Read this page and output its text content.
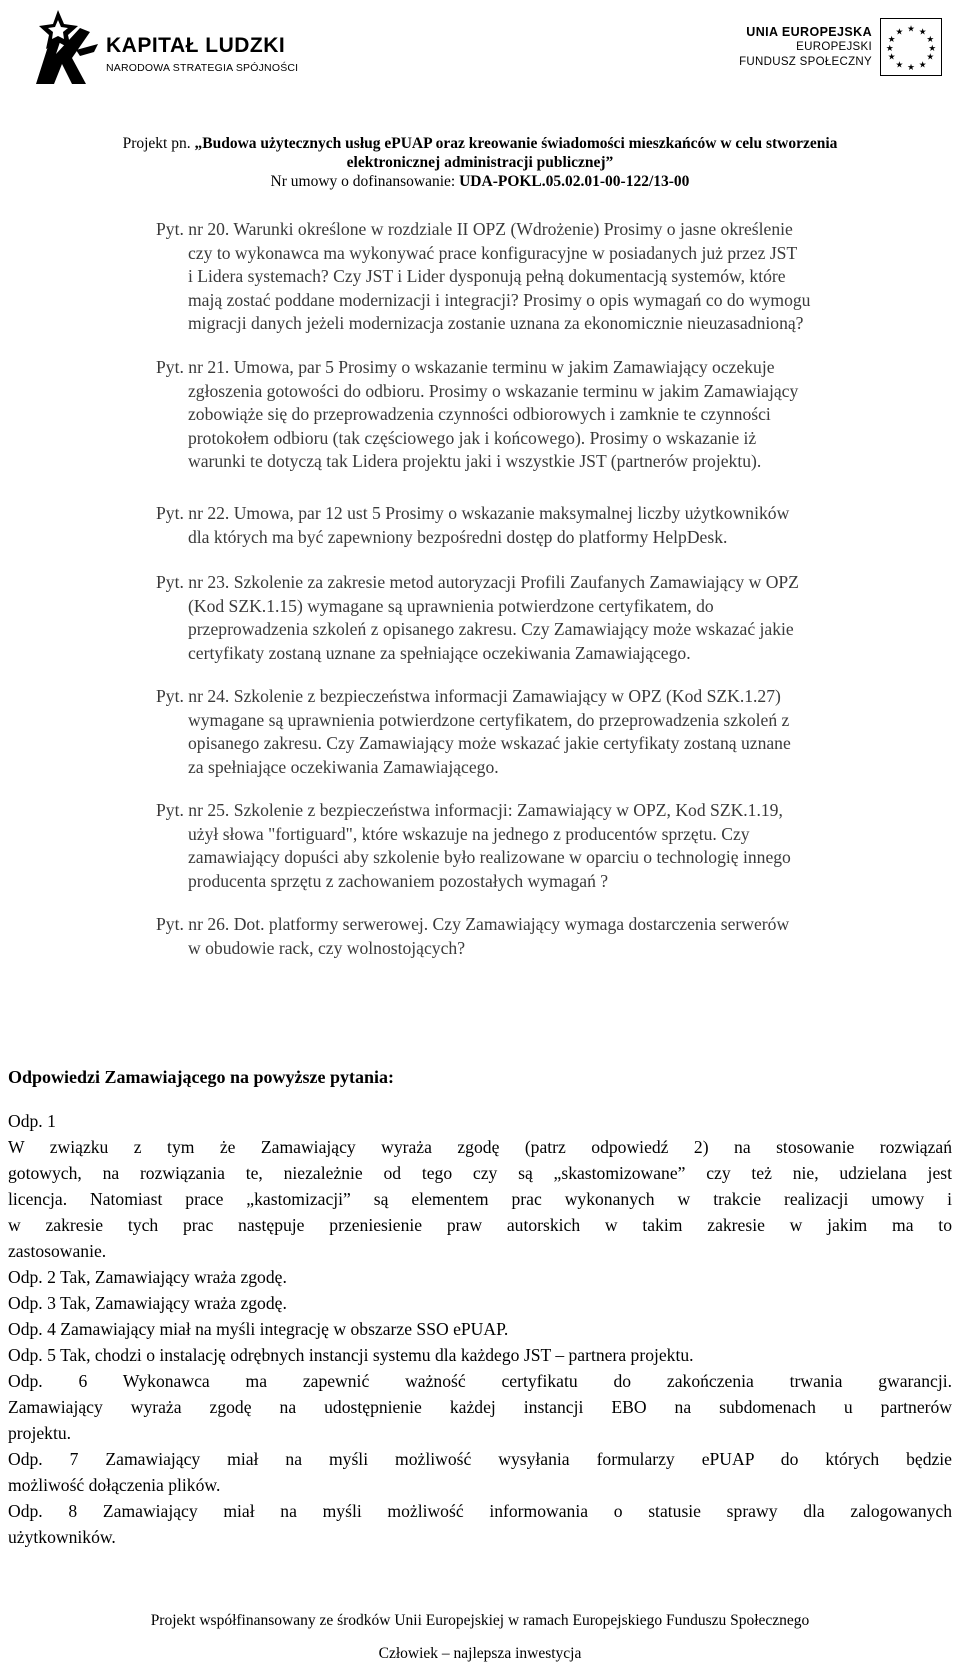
KAPITAŁ LUDZKI
NARODOWA STRATEGIA SPÓJNOŚCI
UNIA EUROPEJSKA
EUROPEJSKI
FUNDUSZ SPOŁECZNY
★ ★
★
★
★
★
★
★
★
★
★
★
Projekt pn. „Budowa użytecznych usług ePUAP oraz kreowanie świadomości mieszkańców w celu stworzenia
elektronicznej administracji publicznej”
Nr umowy o dofinansowanie: UDA-POKL.05.02.01-00-122/13-00
Pyt. nr 20. Warunki określone w rozdziale II OPZ (Wdrożenie) Prosimy o jasne określenie
czy to wykonawca ma wykonywać prace konfiguracyjne w posiadanych już przez JST
i Lidera systemach? Czy JST i Lider dysponują pełną dokumentacją systemów, które
mają zostać poddane modernizacji i integracji? Prosimy o opis wymagań co do wymogu
migracji danych jeżeli modernizacja zostanie uznana za ekonomicznie nieuzasadnioną?
Pyt. nr 21. Umowa, par 5 Prosimy o wskazanie terminu w jakim Zamawiający oczekuje
zgłoszenia gotowości do odbioru. Prosimy o wskazanie terminu w jakim Zamawiający
zobowiąże się do przeprowadzenia czynności odbiorowych i zamknie te czynności
protokołem odbioru (tak częściowego jak i końcowego). Prosimy o wskazanie iż
warunki te dotyczą tak Lidera projektu jaki i wszystkie JST (partnerów projektu).
Pyt. nr 22. Umowa, par 12 ust 5 Prosimy o wskazanie maksymalnej liczby użytkowników
dla których ma być zapewniony bezpośredni dostęp do platformy HelpDesk.
Pyt. nr 23. Szkolenie za zakresie metod autoryzacji Profili Zaufanych Zamawiający w OPZ
(Kod SZK.1.15) wymagane są uprawnienia potwierdzone certyfikatem, do
przeprowadzenia szkoleń z opisanego zakresu. Czy Zamawiający może wskazać jakie
certyfikaty zostaną uznane za spełniające oczekiwania Zamawiającego.
Pyt. nr 24. Szkolenie z bezpieczeństwa informacji Zamawiający w OPZ (Kod SZK.1.27)
wymagane są uprawnienia potwierdzone certyfikatem, do przeprowadzenia szkoleń z
opisanego zakresu. Czy Zamawiający może wskazać jakie certyfikaty zostaną uznane
za spełniające oczekiwania Zamawiającego.
Pyt. nr 25. Szkolenie z bezpieczeństwa informacji: Zamawiający w OPZ, Kod SZK.1.19,
użył słowa "fortiguard", które wskazuje na jednego z producentów sprzętu. Czy
zamawiający dopuści aby szkolenie było realizowane w oparciu o technologię innego
producenta sprzętu z zachowaniem pozostałych wymagań ?
Pyt. nr 26. Dot. platformy serwerowej. Czy Zamawiający wymaga dostarczenia serwerów
w obudowie rack, czy wolnostojących?
Odpowiedzi Zamawiającego na powyższe pytania:
Odp. 1
W związku z tym że Zamawiający wyraża zgodę (patrz odpowiedź 2) na stosowanie rozwiązań
gotowych, na rozwiązania te, niezależnie od tego czy są „skastomizowane” czy też nie, udzielana jest
licencja. Natomiast prace „kastomizacji” są elementem prac wykonanych w trakcie realizacji umowy i
w zakresie tych prac następuje przeniesienie praw autorskich w takim zakresie w jakim ma to
zastosowanie.
Odp. 2 Tak, Zamawiający wraża zgodę.
Odp. 3 Tak, Zamawiający wraża zgodę.
Odp. 4 Zamawiający miał na myśli integrację w obszarze SSO ePUAP.
Odp. 5 Tak, chodzi o instalację odrębnych instancji systemu dla każdego JST – partnera projektu.
Odp. 6 Wykonawca ma zapewnić ważność certyfikatu do zakończenia trwania gwarancji.
Zamawiający wyraża zgodę na udostępnienie każdej instancji EBO na subdomenach u partnerów
projektu.
Odp. 7 Zamawiający miał na myśli możliwość wysyłania formularzy ePUAP do których będzie
możliwość dołączenia plików.
Odp. 8 Zamawiający miał na myśli możliwość informowania o statusie sprawy dla zalogowanych
użytkowników.
Projekt współfinansowany ze środków Unii Europejskiej w ramach Europejskiego Funduszu Społecznego
Człowiek – najlepsza inwestycja
